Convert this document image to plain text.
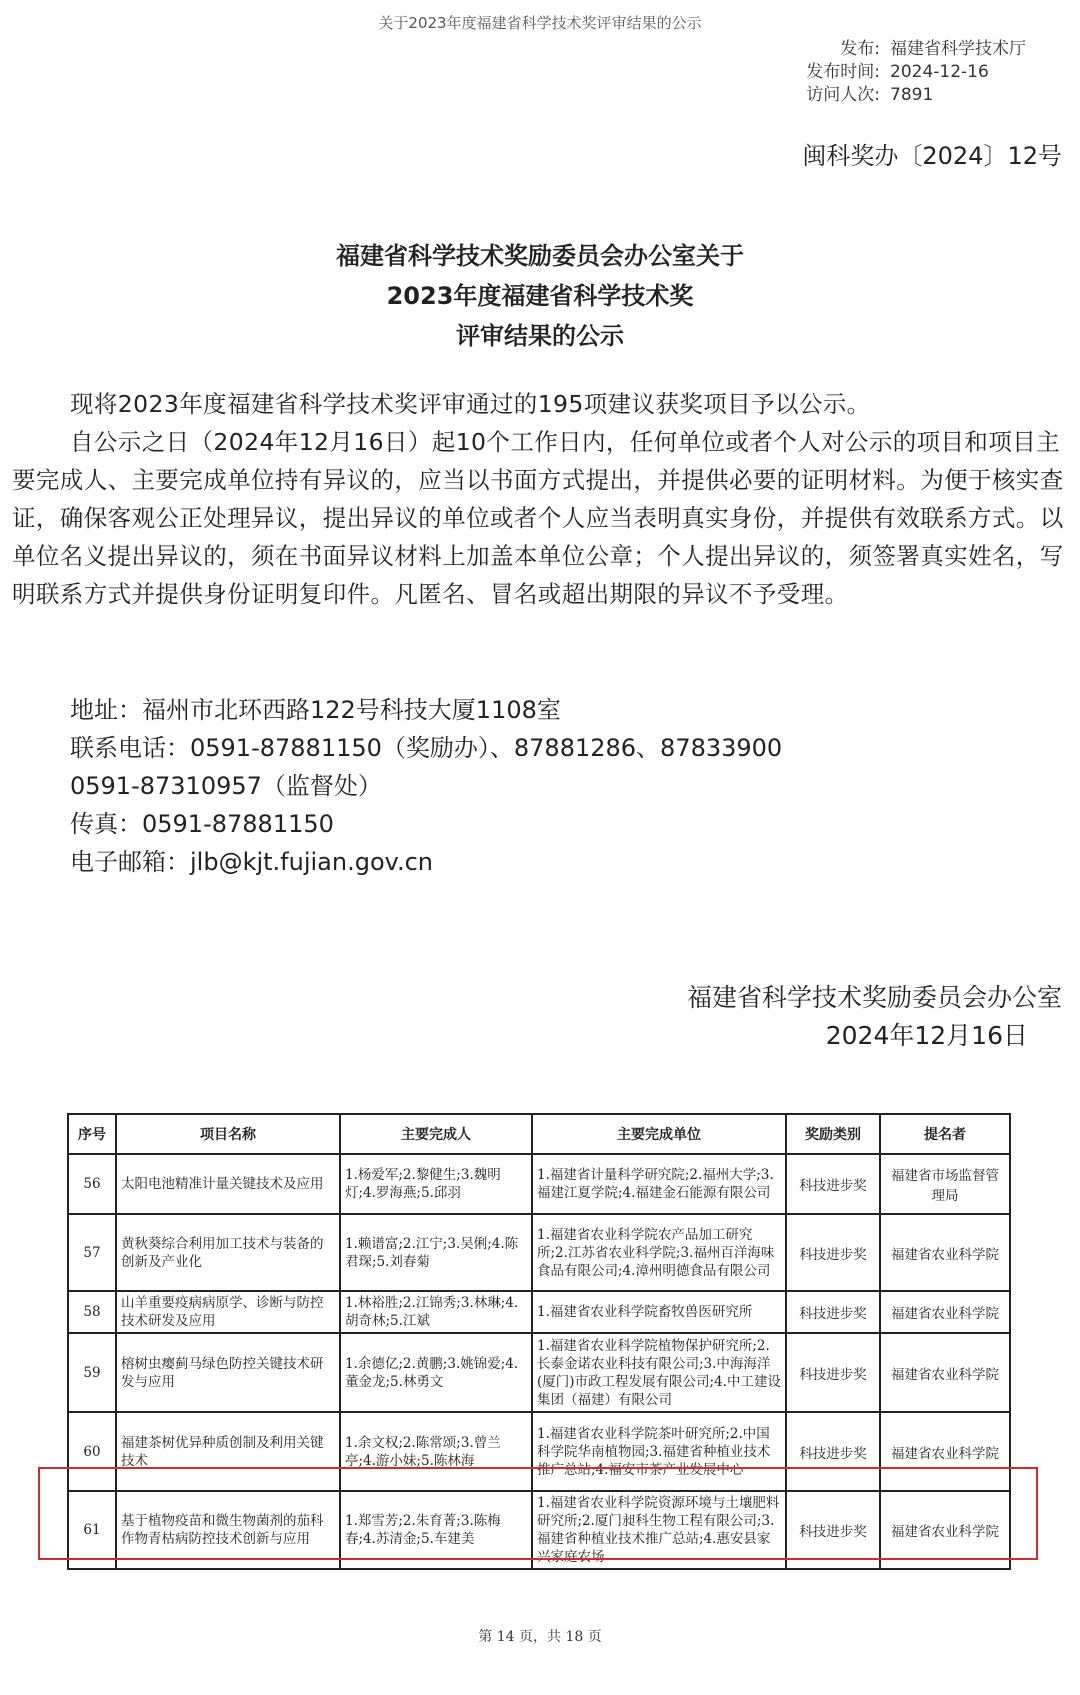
关于2023年度福建省科学技术奖评审结果的公示
发布: 福建省科学技术厅
发布时间: 2024-12-16
访问人次: 7891
闽科奖办〔2024〕12号
福建省科学技术奖励委员会办公室关于
2023年度福建省科学技术奖
评审结果的公示
现将2023年度福建省科学技术奖评审通过的195项建议获奖项目予以公示。
自公示之日（2024年12月16日）起10个工作日内，任何单位或者个人对公示的项目和项目主要完成人、主要完成单位持有异议的，应当以书面方式提出，并提供必要的证明材料。为便于核实查证，确保客观公正处理异议，提出异议的单位或者个人应当表明真实身份，并提供有效联系方式。以单位名义提出异议的，须在书面异议材料上加盖本单位公章；个人提出异议的，须签署真实姓名，写明联系方式并提供身份证明复印件。凡匿名、冒名或超出期限的异议不予受理。
地址：福州市北环西路122号科技大厦1108室
联系电话：0591-87881150（奖励办）、87881286、87833900
0591-87310957（监督处）
传真：0591-87881150
电子邮箱：jlb@kjt.fujian.gov.cn
福建省科学技术奖励委员会办公室
2024年12月16日
序号	项目名称	主要完成人	主要完成单位	奖励类别	提名者
56	太阳电池精准计量关键技术及应用	1.杨爱军;2.黎健生;3.魏明灯;4.罗海燕;5.邱羽	1.福建省计量科学研究院;2.福州大学;3.福建江夏学院;4.福建金石能源有限公司	科技进步奖	福建省市场监督管理局
57	黄秋葵综合利用加工技术与装备的创新及产业化	1.赖谱富;2.江宁;3.吴俐;4.陈君琛;5.刘春菊	1.福建省农业科学院农产品加工研究所;2.江苏省农业科学院;3.福州百洋海味食品有限公司;4.漳州明德食品有限公司	科技进步奖	福建省农业科学院
58	山羊重要疫病病原学、诊断与防控技术研发及应用	1.林裕胜;2.江锦秀;3.林琳;4.胡奇林;5.江斌	1.福建省农业科学院畜牧兽医研究所	科技进步奖	福建省农业科学院
59	榕树虫瘿蓟马绿色防控关键技术研发与应用	1.余德亿;2.黄鹏;3.姚锦爱;4.董金龙;5.林勇文	1.福建省农业科学院植物保护研究所;2.长泰金诺农业科技有限公司;3.中海海洋(厦门)市政工程发展有限公司;4.中工建设集团（福建）有限公司	科技进步奖	福建省农业科学院
60	福建茶树优异种质创制及利用关键技术	1.余文权;2.陈常颂;3.曾兰亭;4.游小妹;5.陈林海	1.福建省农业科学院茶叶研究所;2.中国科学院华南植物园;3.福建省种植业技术推广总站;4.福安市茶产业发展中心	科技进步奖	福建省农业科学院
61	基于植物疫苗和微生物菌剂的茄科作物青枯病防控技术创新与应用	1.郑雪芳;2.朱育菁;3.陈梅春;4.苏清金;5.车建美	1.福建省农业科学院资源环境与土壤肥料研究所;2.厦门昶科生物工程有限公司;3.福建省种植业技术推广总站;4.惠安县家兴家庭农场	科技进步奖	福建省农业科学院
第 14 页，共 18 页
